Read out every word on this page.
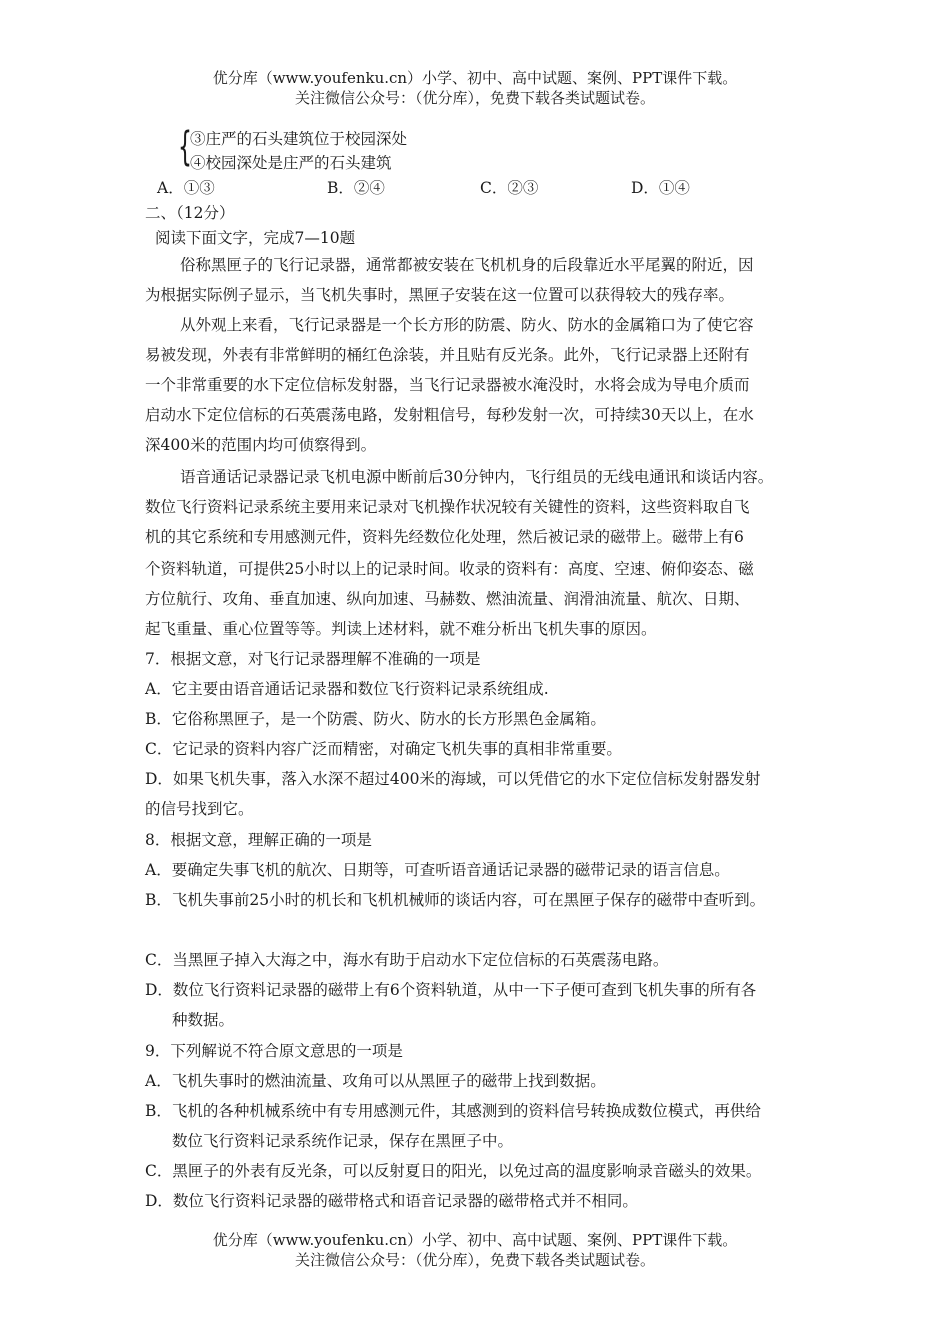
优分库（www.youfenku.cn）小学、初中、高中试题、案例、PPT课件下载。
关注微信公众号：（优分库），免费下载各类试题试卷。
{
③庄严的石头建筑位于校园深处
④校园深处是庄严的石头建筑
A．①③	B．②④	C．②③	D．①④
二、（12分）
阅读下面文字，完成7—10题
俗称黑匣子的飞行记录器，通常都被安装在飞机机身的后段靠近水平尾翼的附近，因
为根据实际例子显示，当飞机失事时，黑匣子安装在这一位置可以获得较大的残存率。
从外观上来看，飞行记录器是一个长方形的防震、防火、防水的金属箱口为了使它容
易被发现，外表有非常鲜明的桶红色涂装，并且贴有反光条。此外，飞行记录器上还附有
一个非常重要的水下定位信标发射器，当飞行记录器被水淹没时，水将会成为导电介质而
启动水下定位信标的石英震荡电路，发射粗信号，每秒发射一次，可持续30天以上，在水
深400米的范围内均可侦察得到。
语音通话记录器记录飞机电源中断前后30分钟内，飞行组员的无线电通讯和谈话内容。
数位飞行资料记录系统主要用来记录对飞机操作状况较有关键性的资料，这些资料取自飞
机的其它系统和专用感测元件，资料先经数位化处理，然后被记录的磁带上。磁带上有6
个资料轨道，可提供25小时以上的记录时间。收录的资料有：高度、空速、俯仰姿态、磁
方位航行、攻角、垂直加速、纵向加速、马赫数、燃油流量、润滑油流量、航次、日期、
起飞重量、重心位置等等。判读上述材料，就不难分析出飞机失事的原因。
7．根据文意，对飞行记录器理解不准确的一项是
A．它主要由语音通话记录器和数位飞行资料记录系统组成.
B．它俗称黑匣子，是一个防震、防火、防水的长方形黑色金属箱。
C．它记录的资料内容广泛而精密，对确定飞机失事的真相非常重要。
D．如果飞机失事，落入水深不超过400米的海域，可以凭借它的水下定位信标发射器发射
的信号找到它。
8．根据文意，理解正确的一项是
A．要确定失事飞机的航次、日期等，可查听语音通话记录器的磁带记录的语言信息。
B．飞机失事前25小时的机长和飞机机械师的谈话内容，可在黑匣子保存的磁带中查听到。
C．当黑匣子掉入大海之中，海水有助于启动水下定位信标的石英震荡电路。
D．数位飞行资料记录器的磁带上有6个资料轨道，从中一下子便可查到飞机失事的所有各
种数据。
9．下列解说不符合原文意思的一项是
A．飞机失事时的燃油流量、攻角可以从黑匣子的磁带上找到数据。
B．飞机的各种机械系统中有专用感测元件，其感测到的资料信号转换成数位模式，再供给
数位飞行资料记录系统作记录，保存在黑匣子中。
C．黑匣子的外表有反光条，可以反射夏日的阳光，以免过高的温度影响录音磁头的效果。
D．数位飞行资料记录器的磁带格式和语音记录器的磁带格式并不相同。
优分库（www.youfenku.cn）小学、初中、高中试题、案例、PPT课件下载。
关注微信公众号：（优分库），免费下载各类试题试卷。
